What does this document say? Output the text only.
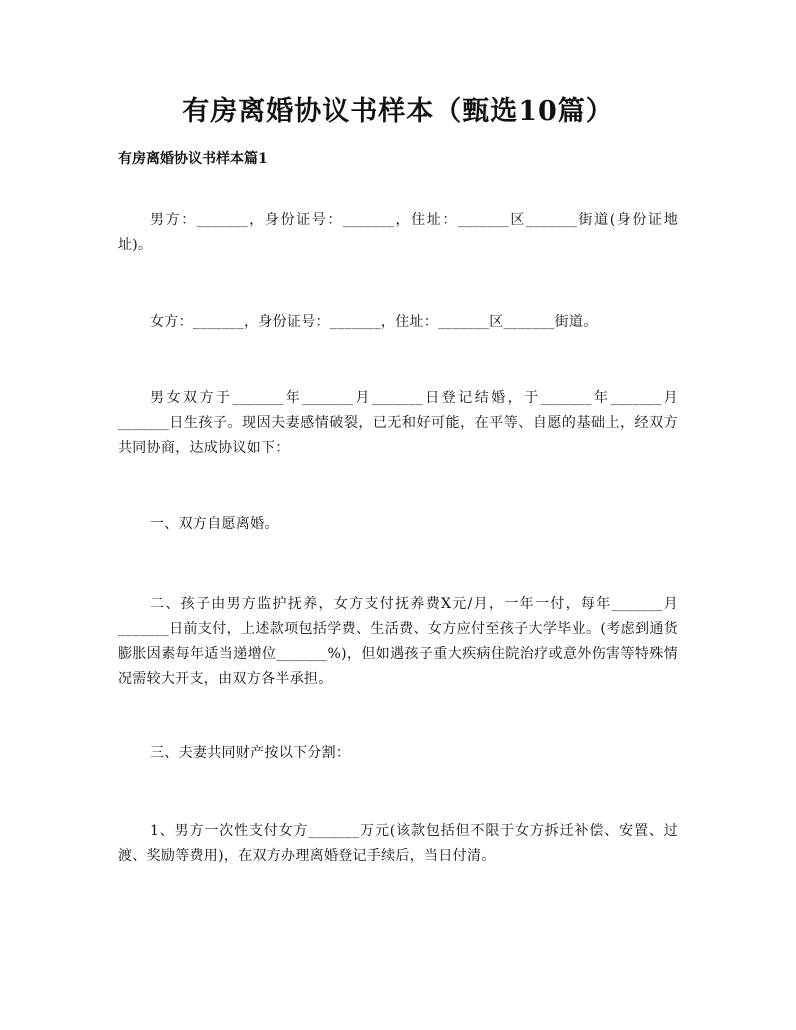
有房离婚协议书样本（甄选10篇）
有房离婚协议书样本篇1
男方：_______，身份证号：_______，住址：_______区_______街道(身份证地址)。
女方：_______，身份证号：_______，住址：_______区_______街道。
男女双方于_______年_______月_______日登记结婚，于_______年_______月_______日生孩子。现因夫妻感情破裂，已无和好可能，在平等、自愿的基础上，经双方共同协商，达成协议如下：
一、双方自愿离婚。
二、孩子由男方监护抚养，女方支付抚养费X元/月，一年一付，每年_______月_______日前支付，上述款项包括学费、生活费、女方应付至孩子大学毕业。(考虑到通货膨胀因素每年适当递增位_______%)，但如遇孩子重大疾病住院治疗或意外伤害等特殊情况需较大开支，由双方各半承担。
三、夫妻共同财产按以下分割：
1、男方一次性支付女方_______万元(该款包括但不限于女方拆迁补偿、安置、过渡、奖励等费用)，在双方办理离婚登记手续后，当日付清。
